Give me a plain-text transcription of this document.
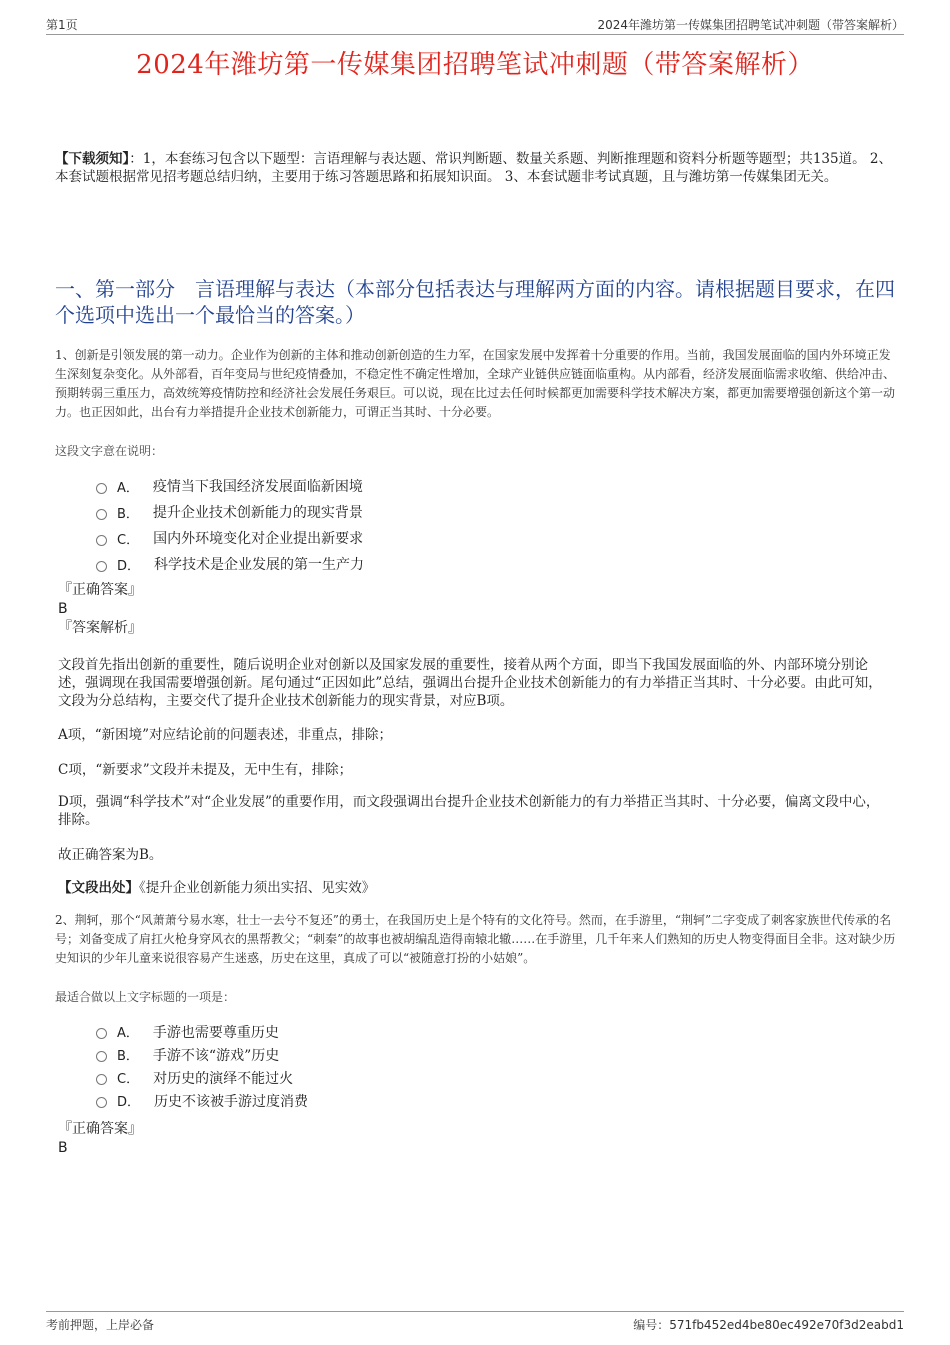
第1页	2024年潍坊第一传媒集团招聘笔试冲刺题（带答案解析）
2024年潍坊第一传媒集团招聘笔试冲刺题（带答案解析）
【下载须知】：1，本套练习包含以下题型：言语理解与表达题、常识判断题、数量关系题、判断推理题和资料分析题等题型；共135道。 2、本套试题根据常见招考题总结归纳，主要用于练习答题思路和拓展知识面。 3、本套试题非考试真题，且与潍坊第一传媒集团无关。
一、第一部分　言语理解与表达（本部分包括表达与理解两方面的内容。请根据题目要求，在四个选项中选出一个最恰当的答案。）
1、创新是引领发展的第一动力。企业作为创新的主体和推动创新创造的生力军，在国家发展中发挥着十分重要的作用。当前，我国发展面临的国内外环境正发生深刻复杂变化。从外部看，百年变局与世纪疫情叠加，不稳定性不确定性增加，全球产业链供应链面临重构。从内部看，经济发展面临需求收缩、供给冲击、预期转弱三重压力，高效统筹疫情防控和经济社会发展任务艰巨。可以说，现在比过去任何时候都更加需要科学技术解决方案，都更加需要增强创新这个第一动力。也正因如此，出台有力举措提升企业技术创新能力，可谓正当其时、十分必要。
这段文字意在说明：
A． 疫情当下我国经济发展面临新困境
B． 提升企业技术创新能力的现实背景
C． 国内外环境变化对企业提出新要求
D． 科学技术是企业发展的第一生产力
『正确答案』
B
『答案解析』
文段首先指出创新的重要性，随后说明企业对创新以及国家发展的重要性，接着从两个方面，即当下我国发展面临的外、内部环境分别论述，强调现在我国需要增强创新。尾句通过“正因如此”总结，强调出台提升企业技术创新能力的有力举措正当其时、十分必要。由此可知，文段为分总结构，主要交代了提升企业技术创新能力的现实背景，对应B项。
A项，“新困境”对应结论前的问题表述，非重点，排除；
C项，“新要求”文段并未提及，无中生有，排除；
D项，强调“科学技术”对“企业发展”的重要作用，而文段强调出台提升企业技术创新能力的有力举措正当其时、十分必要，偏离文段中心，排除。
故正确答案为B。
【文段出处】《提升企业创新能力须出实招、见实效》
2、荆轲，那个“风萧萧兮易水寒，壮士一去兮不复还”的勇士，在我国历史上是个特有的文化符号。然而，在手游里，“荆轲”二字变成了刺客家族世代传承的名号；刘备变成了肩扛火枪身穿风衣的黑帮教父；“刺秦”的故事也被胡编乱造得南辕北辙……在手游里，几千年来人们熟知的历史人物变得面目全非。这对缺少历史知识的少年儿童来说很容易产生迷惑，历史在这里，真成了可以“被随意打扮的小姑娘”。
最适合做以上文字标题的一项是：
A． 手游也需要尊重历史
B． 手游不该“游戏”历史
C． 对历史的演绎不能过火
D． 历史不该被手游过度消费
『正确答案』
B
考前押题，上岸必备	编号：571fb452ed4be80ec492e70f3d2eabd1
